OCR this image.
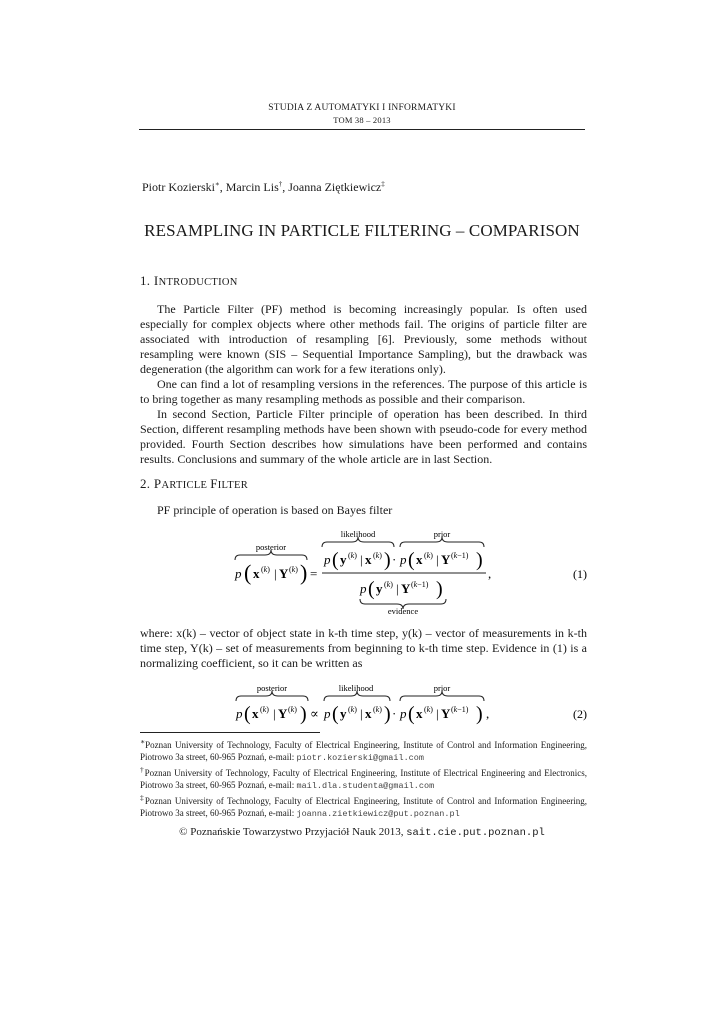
STUDIA Z AUTOMATYKI I INFORMATYKI
TOM 38 – 2013
Piotr Kozierski∗, Marcin Lis†, Joanna Ziętkiewicz‡
RESAMPLING IN PARTICLE FILTERING – COMPARISON
1. INTRODUCTION

The Particle Filter (PF) method is becoming increasingly popular. Is often used especially for complex objects where other methods fail. The origins of particle filter are associated with introduction of resampling [6]. Previously, some methods without resampling were known (SIS – Sequential Importance Sampling), but the drawback was degeneration (the algorithm can work for a few iterations only).

One can find a lot of resampling versions in the references. The purpose of this article is to bring together as many resampling methods as possible and their comparison.

In second Section, Particle Filter principle of operation has been described. In third Section, different resampling methods have been shown with pseudo-code for every method provided. Fourth Section describes how simulations have been performed and contains results. Conclusions and summary of the whole article are in last Section.

2. PARTICLE FILTER

PF principle of operation is based on Bayes filter

posterior
p ( x (k) | Y (k) ) =
likelihood	prior
p ( y (k) | x (k) ) · p ( x (k) | Y (k−1) )
p ( y (k) | Y (k−1) )
evidence
,	(1)

where: x(k) – vector of object state in k-th time step, y(k) – vector of measurements in k-th time step, Y(k) – set of measurements from beginning to k-th time step. Evidence in (1) is a normalizing coefficient, so it can be written as

posterior
p ( x (k) | Y (k) ) ∝
likelihood
p ( y (k) | x (k) ) ·
prior
p ( x (k) | Y (k−1) ) ,	(2)
∗Poznan University of Technology, Faculty of Electrical Engineering, Institute of Control and Information Engineering, Piotrowo 3a street, 60-965 Poznań, e-mail: piotr.kozierski@gmail.com
†Poznan University of Technology, Faculty of Electrical Engineering, Institute of Electrical Engineering and Electronics, Piotrowo 3a street, 60-965 Poznań, e-mail: mail.dla.studenta@gmail.com
‡Poznan University of Technology, Faculty of Electrical Engineering, Institute of Control and Information Engineering, Piotrowo 3a street, 60-965 Poznań, e-mail: joanna.zietkiewicz@put.poznan.pl
© Poznańskie Towarzystwo Przyjaciół Nauk 2013, sait.cie.put.poznan.pl
